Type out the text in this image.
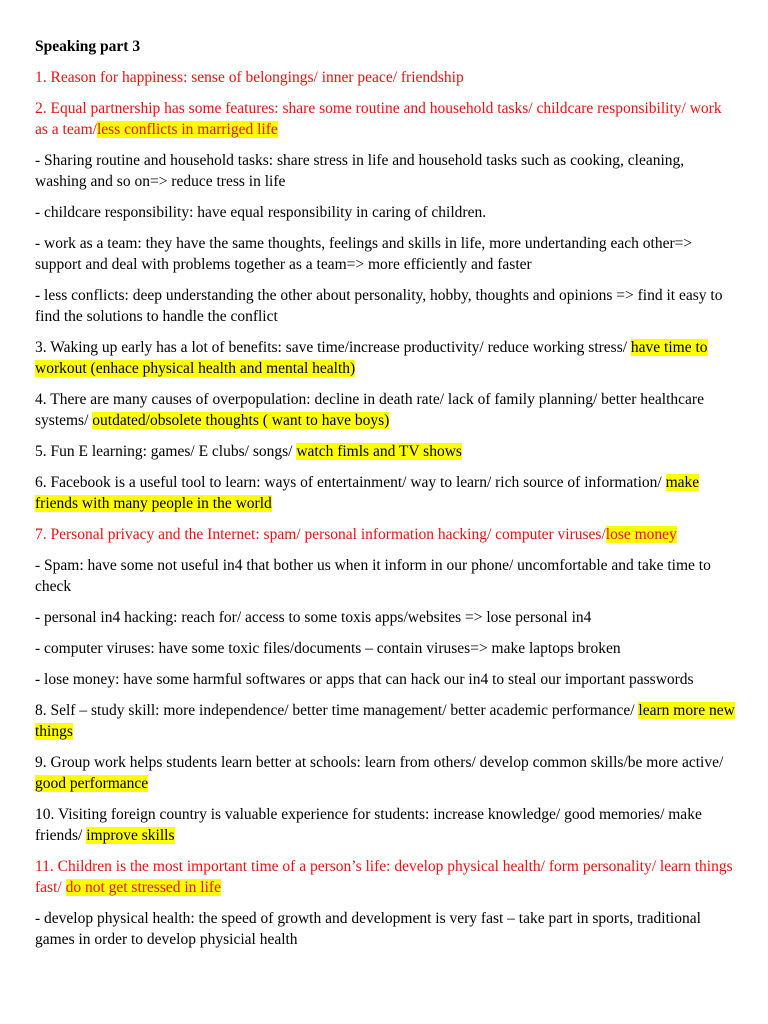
Speaking part 3
1. Reason for happiness: sense of belongings/ inner peace/ friendship
2. Equal partnership has some features: share some routine and household tasks/ childcare responsibility/ work as a team/less conflicts in marriged life
- Sharing routine and household tasks: share stress in life and household tasks such as cooking, cleaning, washing and so on=> reduce tress in life
- childcare responsibility: have equal responsibility in caring of children.
- work as a team: they have the same thoughts, feelings and skills in life, more undertanding each other=> support and deal with problems together as a team=> more efficiently and faster
- less conflicts: deep understanding the other about personality, hobby, thoughts and opinions => find it easy to find the solutions to handle the conflict
3. Waking up early has a lot of benefits: save time/increase productivity/ reduce working stress/ have time to workout (enhace physical health and mental health)
4. There are many causes of overpopulation: decline in death rate/ lack of family planning/ better healthcare systems/ outdated/obsolete thoughts ( want to have boys)
5. Fun E learning: games/ E clubs/ songs/ watch fimls and TV shows
6. Facebook is a useful tool to learn: ways of entertainment/ way to learn/ rich source of information/ make friends with many people in the world
7. Personal privacy and the Internet: spam/ personal information hacking/ computer viruses/lose money
- Spam: have some not useful in4 that bother us when it inform in our phone/ uncomfortable and take time to check
- personal in4 hacking: reach for/ access to some toxis apps/websites => lose personal in4
- computer viruses: have some toxic files/documents – contain viruses=> make laptops broken
- lose money: have some harmful softwares or apps that can hack our in4 to steal our important passwords
8. Self – study skill: more independence/ better time management/ better academic performance/ learn more new things
9. Group work helps students learn better at schools: learn from others/ develop common skills/be more active/ good performance
10. Visiting foreign country is valuable experience for students: increase knowledge/ good memories/ make friends/ improve skills
11. Children is the most important time of a person’s life: develop physical health/ form personality/ learn things fast/ do not get stressed in life
- develop physical health: the speed of growth and development is very fast – take part in sports, traditional games in order to develop physicial health
